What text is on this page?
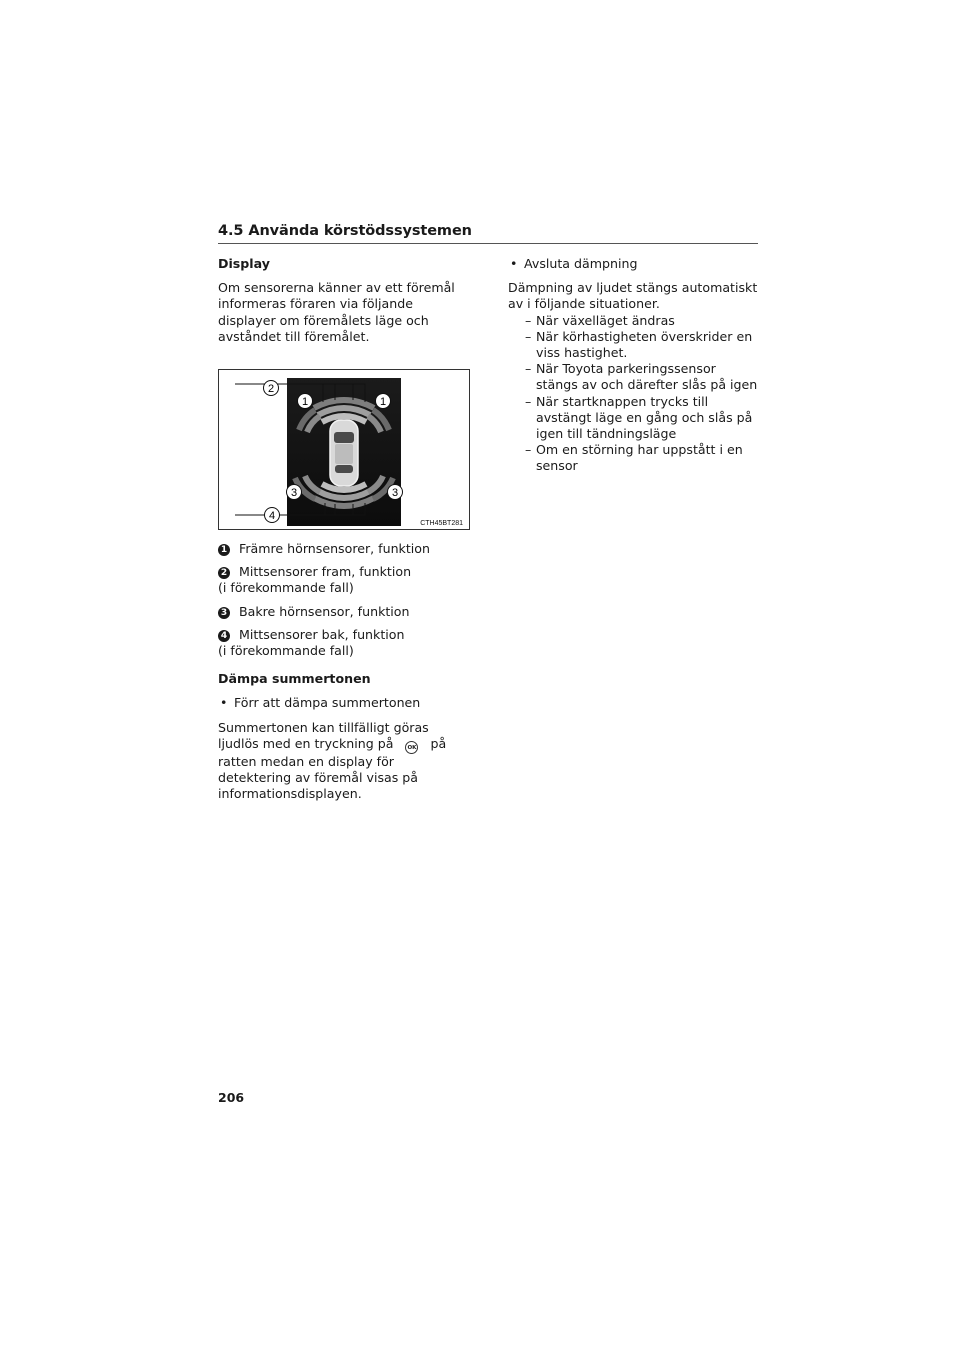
4.5 Använda körstödssystemen
Display

Om sensorerna känner av ett föremål informeras föraren via följande displayer om föremålets läge och avståndet till föremålet.

2
1	1
3	3
4
CTH45BT281
1 Främre hörnsensorer, funktion
2 Mittsensorer fram, funktion
(i förekommande fall)
3 Bakre hörnsensor, funktion
4 Mittsensorer bak, funktion
(i förekommande fall)
Dämpa summertonen

• Förr att dämpa summertonen

Summertonen kan tillfälligt göras ljudlös med en tryckning på	OK på ratten medan en display för detektering av föremål visas på informationsdisplayen.

• Avsluta dämpning

Dämpning av ljudet stängs automatiskt av i följande situationer.

– När växelläget ändras
– När körhastigheten överskrider en viss hastighet.
– När Toyota parkeringssensor stängs av och därefter slås på igen
– När startknappen trycks till avstängt läge en gång och slås på igen till tändningsläge
– Om en störning har uppstått i en sensor
206
